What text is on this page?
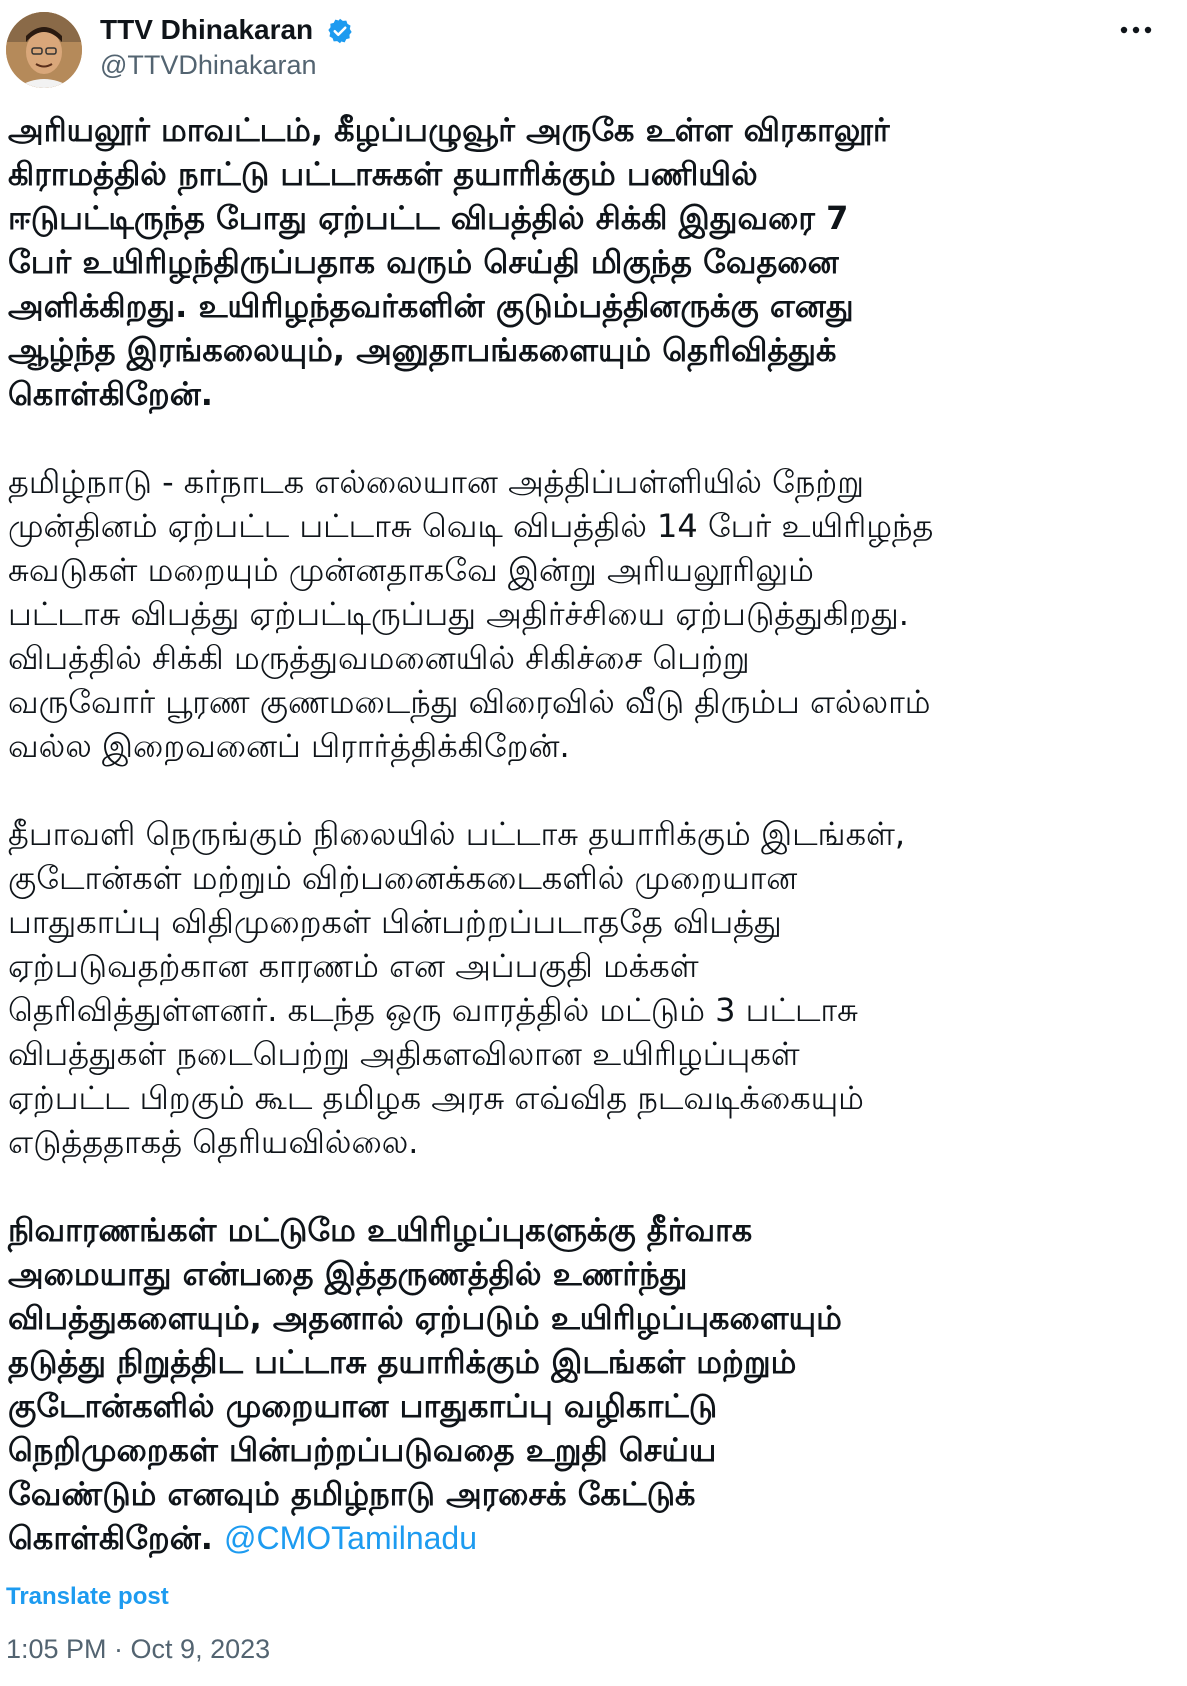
TTV Dhinakaran
@TTVDhinakaran
அரியலூர் மாவட்டம், கீழப்பழுவூர் அருகே உள்ள விரகாலூர்
கிராமத்தில் நாட்டு பட்டாசுகள் தயாரிக்கும் பணியில்
ஈடுபட்டிருந்த போது ஏற்பட்ட விபத்தில் சிக்கி இதுவரை 7
பேர் உயிரிழந்திருப்பதாக வரும் செய்தி மிகுந்த வேதனை
அளிக்கிறது. உயிரிழந்தவர்களின் குடும்பத்தினருக்கு எனது
ஆழ்ந்த இரங்கலையும், அனுதாபங்களையும் தெரிவித்துக்
கொள்கிறேன்.
தமிழ்நாடு - கர்நாடக எல்லையான அத்திப்பள்ளியில் நேற்று
முன்தினம் ஏற்பட்ட பட்டாசு வெடி விபத்தில் 14 பேர் உயிரிழந்த
சுவடுகள் மறையும் முன்னதாகவே இன்று அரியலூரிலும்
பட்டாசு விபத்து ஏற்பட்டிருப்பது அதிர்ச்சியை ஏற்படுத்துகிறது.
விபத்தில் சிக்கி மருத்துவமனையில் சிகிச்சை பெற்று
வருவோர் பூரண குணமடைந்து விரைவில் வீடு திரும்ப எல்லாம்
வல்ல இறைவனைப் பிரார்த்திக்கிறேன்.
தீபாவளி நெருங்கும் நிலையில் பட்டாசு தயாரிக்கும் இடங்கள்,
குடோன்கள் மற்றும் விற்பனைக்கடைகளில் முறையான
பாதுகாப்பு விதிமுறைகள் பின்பற்றப்படாததே விபத்து
ஏற்படுவதற்கான காரணம் என அப்பகுதி மக்கள்
தெரிவித்துள்ளனர். கடந்த ஒரு வாரத்தில் மட்டும் 3 பட்டாசு
விபத்துகள் நடைபெற்று அதிகளவிலான உயிரிழப்புகள்
ஏற்பட்ட பிறகும் கூட தமிழக அரசு எவ்வித நடவடிக்கையும்
எடுத்ததாகத் தெரியவில்லை.
நிவாரணங்கள் மட்டுமே உயிரிழப்புகளுக்கு தீர்வாக
அமையாது என்பதை இத்தருணத்தில் உணர்ந்து
விபத்துகளையும், அதனால் ஏற்படும் உயிரிழப்புகளையும்
தடுத்து நிறுத்திட பட்டாசு தயாரிக்கும் இடங்கள் மற்றும்
குடோன்களில் முறையான பாதுகாப்பு வழிகாட்டு
நெறிமுறைகள் பின்பற்றப்படுவதை உறுதி செய்ய
வேண்டும் எனவும் தமிழ்நாடு அரசைக் கேட்டுக்
கொள்கிறேன். @CMOTamilnadu
Translate post
1:05 PM · Oct 9, 2023
